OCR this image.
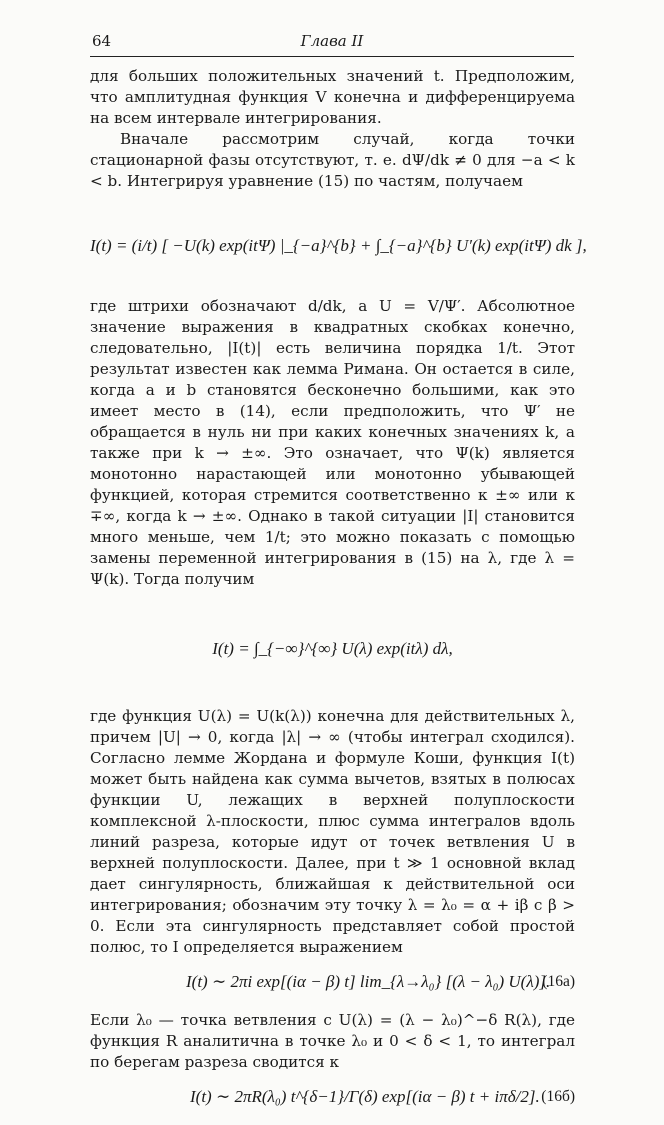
64	Глава II

для больших положительных значений t. Предположим, что амплитудная функция V конечна и дифференцируема на всем интервале интегрирования.

Вначале рассмотрим случай, когда точки стационарной фазы отсутствуют, т. е. dΨ/dk ≠ 0 для −a < k < b. Интегрируя уравнение (15) по частям, получаем

I(t) = (i/t) [ −U(k) exp(itΨ) |_{−a}^{b} + ∫_{−a}^{b} U′(k) exp(itΨ) dk ],

где штрихи обозначают d/dk, а U = V/Ψ′. Абсолютное значение выражения в квадратных скобках конечно, следовательно, |I(t)| есть величина порядка 1/t. Этот результат известен как лемма Римана. Он остается в силе, когда a и b становятся бесконечно большими, как это имеет место в (14), если предположить, что Ψ′ не обращается в нуль ни при каких конечных значениях k, а также при k → ±∞. Это означает, что Ψ(k) является монотонно нарастающей или монотонно убывающей функцией, которая стремится соответственно к ±∞ или к ∓∞, когда k → ±∞. Однако в такой ситуации |I| становится много меньше, чем 1/t; это можно показать с помощью замены переменной интегрирования в (15) на λ, где λ = Ψ(k). Тогда получим

I(t) = ∫_{−∞}^{∞} U(λ) exp(itλ) dλ,

где функция U(λ) = U(k(λ)) конечна для действительных λ, причем |U| → 0, когда |λ| → ∞ (чтобы интеграл сходился). Согласно лемме Жордана и формуле Коши, функция I(t) может быть найдена как сумма вычетов, взятых в полюсах функции U, лежащих в верхней полуплоскости комплексной λ-плоскости, плюс сумма интегралов вдоль линий разреза, которые идут от точек ветвления U в верхней полуплоскости. Далее, при t ≫ 1 основной вклад дает сингулярность, ближайшая к действительной оси интегрирования; обозначим эту точку λ = λ₀ = α + iβ с β > 0. Если эта сингулярность представляет собой простой полюс, то I определяется выражением

I(t) ∼ 2πi exp[(iα − β) t] lim_{λ→λ₀} [(λ − λ₀) U(λ)].
(16a)

Если λ₀ — точка ветвления с U(λ) = (λ − λ₀)^−δ R(λ), где функция R аналитична в точке λ₀ и 0 < δ < 1, то интеграл по берегам разреза сводится к

I(t) ∼ 2πR(λ₀) t^{δ−1}/Γ(δ) exp[(iα − β) t + iπδ/2]. (16б)
